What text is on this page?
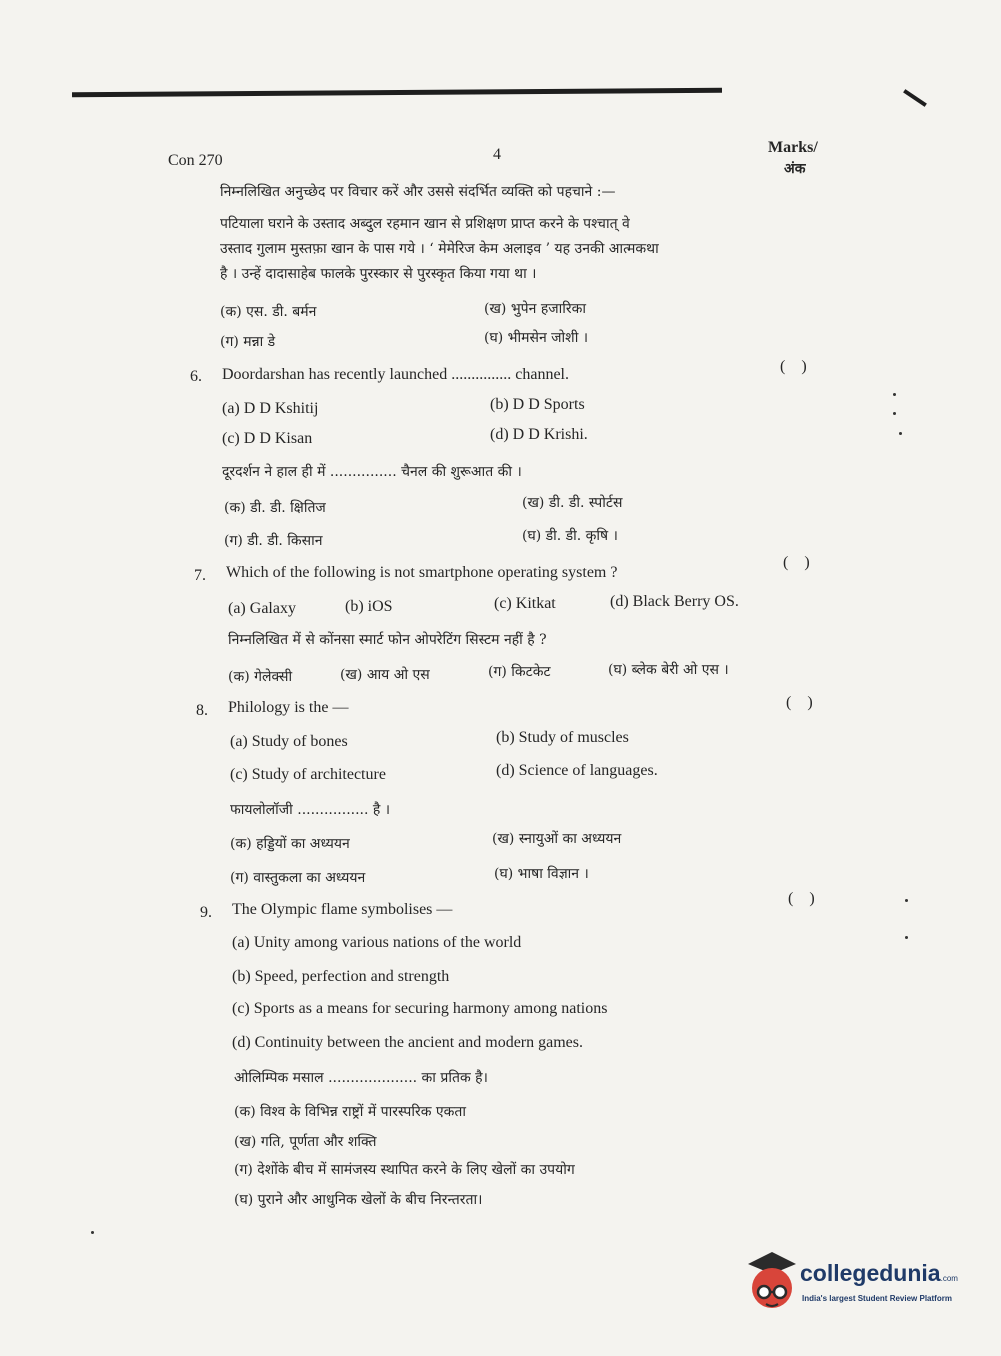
Con 270	4	Marks/
अंक
निम्नलिखित अनुच्छेद पर विचार करें और उससे संदर्भित व्यक्ति को पहचाने :—
पटियाला घराने के उस्ताद अब्दुल रहमान खान से प्रशिक्षण प्राप्त करने के पश्चात् वे
उस्ताद गुलाम मुस्तफ़ा खान के पास गये । ‘ मेमेरिज केम अलाइव ’ यह उनकी आत्मकथा
है । उन्हें दादासाहेब फालके पुरस्कार से पुरस्कृत किया गया था ।
(क) एस. डी. बर्मन	(ख) भुपेन हजारिका
(ग) मन्ना डे	(घ) भीमसेन जोशी ।
6. Doordarshan has recently launched ............... channel.	( )
(a) D D Kshitij	(b) D D Sports
(c) D D Kisan	(d) D D Krishi.
दूरदर्शन ने हाल ही में ............... चैनल की शुरूआत की ।
(क) डी. डी. क्षितिज	(ख) डी. डी. स्पोर्टस
(ग) डी. डी. किसान	(घ) डी. डी. कृषि ।
7. Which of the following is not smartphone operating system ?
( )
(a) Galaxy	(b) iOS	(c) Kitkat	(d) Black Berry OS.
निम्नलिखित में से कोंनसा स्मार्ट फोन ओपरेटिंग सिस्टम नहीं है ?
(क) गेलेक्सी	(ख) आय ओ एस	(ग) किटकेट	(घ) ब्लेक बेरी ओ एस ।
8. Philology is the —	( )
(a) Study of bones	(b) Study of muscles
(c) Study of architecture	(d) Science of languages.
फायलोलॉजी ................ है ।
(क) हड्डियों का अध्ययन	(ख) स्नायुओं का अध्ययन
(ग) वास्तुकला का अध्ययन	(घ) भाषा विज्ञान ।
9. The Olympic flame symbolises —
( )
(a) Unity among various nations of the world
(b) Speed, perfection and strength
(c) Sports as a means for securing harmony among nations
(d) Continuity between the ancient and modern games.
ओलिम्पिक मसाल .................... का प्रतिक है।
(क) विश्व के विभिन्न राष्ट्रों में पारस्परिक एकता
(ख) गति, पूर्णता और शक्ति
(ग) देशोंके बीच में सामंजस्य स्थापित करने के लिए खेलों का उपयोग
(घ) पुराने और आधुनिक खेलों के बीच निरन्तरता।
collegedunia.com
India's largest Student Review Platform
